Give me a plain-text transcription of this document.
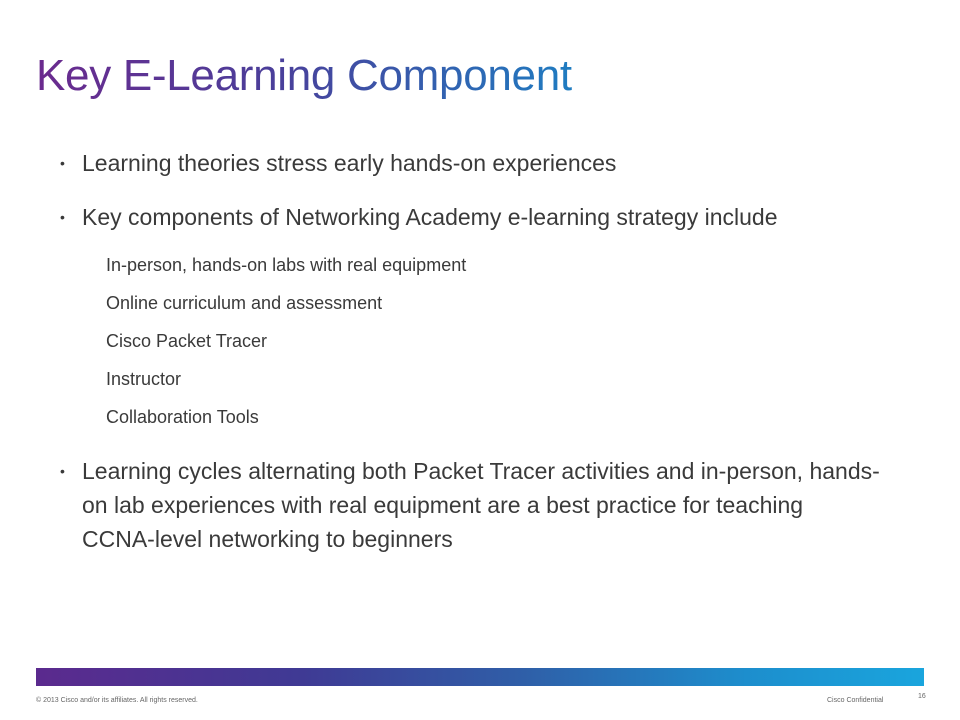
Key E-Learning Component
• Learning theories stress early hands-on experiences
• Key components of Networking Academy e-learning strategy include
In-person, hands-on labs with real equipment
Online curriculum and assessment
Cisco Packet Tracer
Instructor
Collaboration Tools
• Learning cycles alternating both Packet Tracer activities and in-person, hands-on lab experiences with real equipment are a best practice for teaching CCNA-level networking to beginners
© 2013 Cisco and/or its affiliates. All rights reserved.	Cisco Confidential
16
